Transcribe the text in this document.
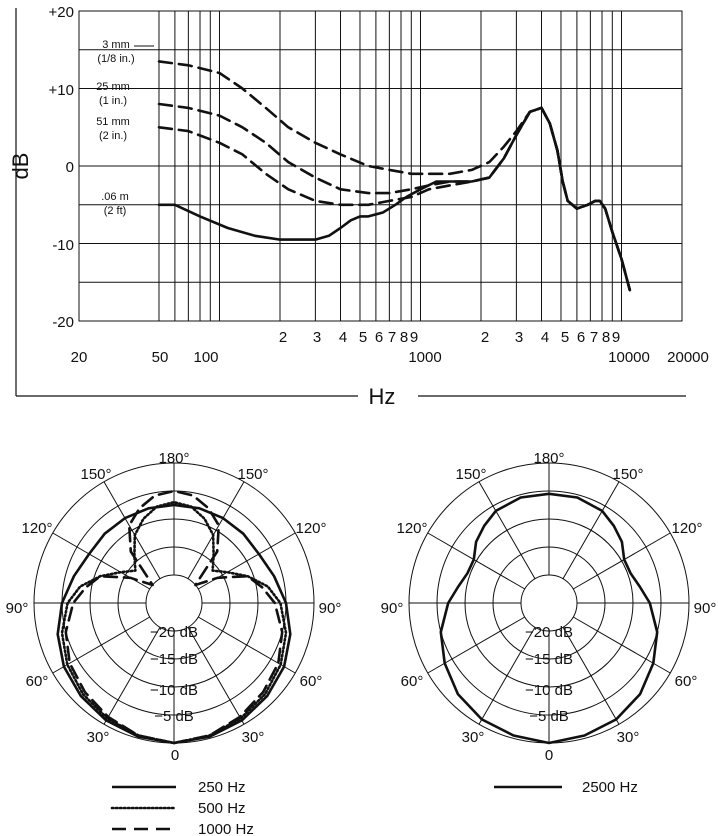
+20
+10
0
-10
-20
dB
Hz
20	50 100	1000	10000 20000
2 3 4 5 6 7 8 9	2 3 4 5 6 7 8 9
3 mm
(1/8 in.)
25 mm
(1 in.)
51 mm
(2 in.)
.06 m
(2 ft)
180°
150°	150°
120°	120°
90°	90°
60°	60°
30°	30°
0
−20 dB
−15 dB
−10 dB
−5 dB
180°
150°	150°
120°	120°
90°	90°
60°	60°
30°	30°
0
−20 dB
−15 dB
−10 dB
−5 dB
250 Hz
500 Hz
1000 Hz
2500 Hz
